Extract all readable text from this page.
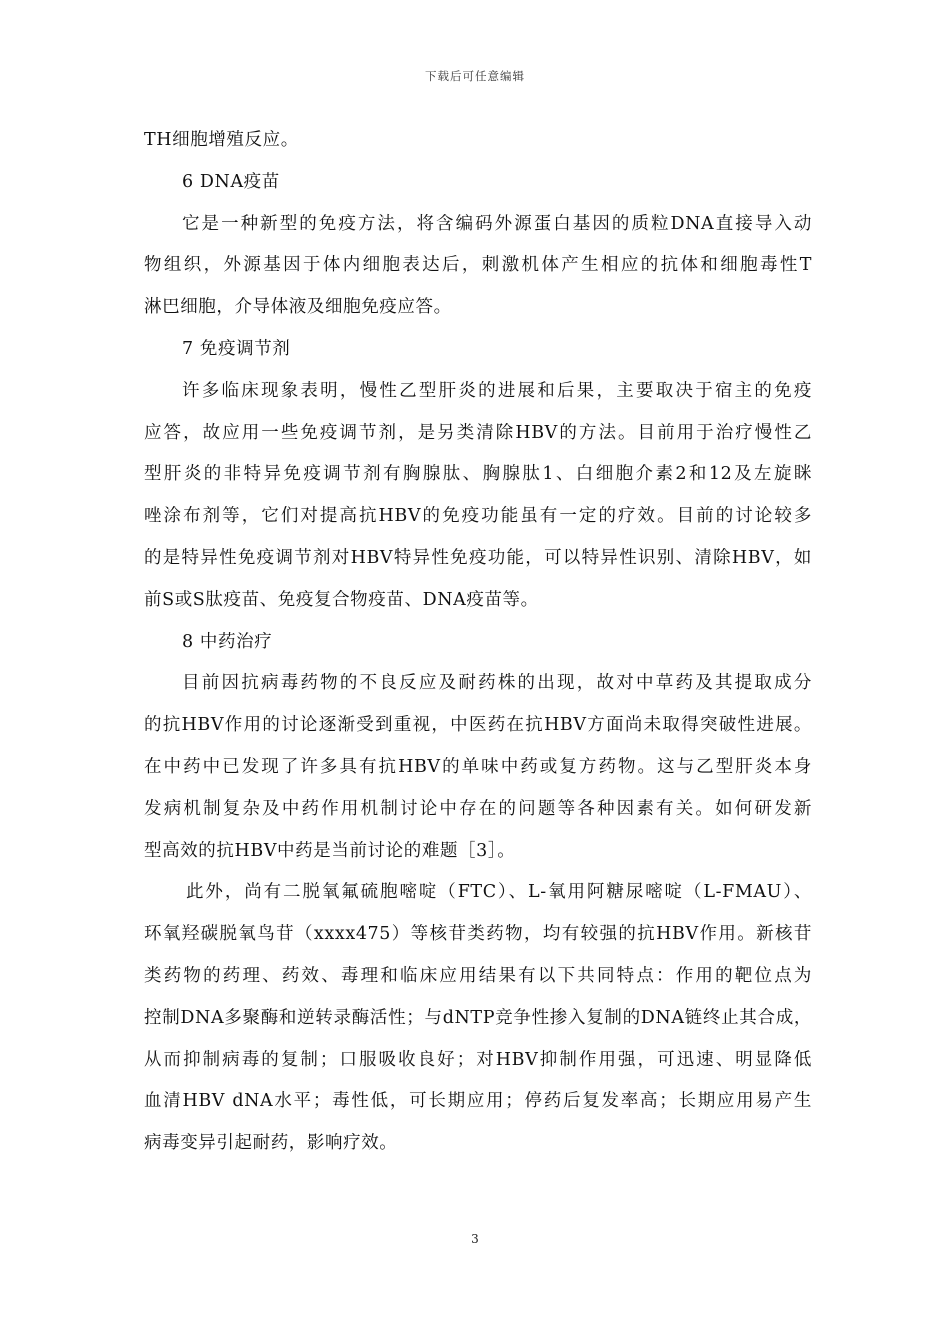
下载后可任意编辑
TH细胞增殖反应。
6 DNA疫苗
它是一种新型的免疫方法，将含编码外源蛋白基因的质粒DNA直接导入动
物组织，外源基因于体内细胞表达后，刺激机体产生相应的抗体和细胞毒性T
淋巴细胞，介导体液及细胞免疫应答。
7 免疫调节剂
许多临床现象表明，慢性乙型肝炎的进展和后果，主要取决于宿主的免疫
应答，故应用一些免疫调节剂，是另类清除HBV的方法。目前用于治疗慢性乙
型肝炎的非特异免疫调节剂有胸腺肽、胸腺肽1、白细胞介素2和12及左旋眯
唑涂布剂等，它们对提高抗HBV的免疫功能虽有一定的疗效。目前的讨论较多
的是特异性免疫调节剂对HBV特异性免疫功能，可以特异性识别、清除HBV，如
前S或S肽疫苗、免疫复合物疫苗、DNA疫苗等。
8 中药治疗
目前因抗病毒药物的不良反应及耐药株的出现，故对中草药及其提取成分
的抗HBV作用的讨论逐渐受到重视，中医药在抗HBV方面尚未取得突破性进展。
在中药中已发现了许多具有抗HBV的单味中药或复方药物。这与乙型肝炎本身
发病机制复杂及中药作用机制讨论中存在的问题等各种因素有关。如何研发新
型高效的抗HBV中药是当前讨论的难题［3］。
此外，尚有二脱氧氟硫胞嘧啶（FTC）、L-氧用阿糖尿嘧啶（L-FMAU）、
环氧羟碳脱氧鸟苷（xxxx475）等核苷类药物，均有较强的抗HBV作用。新核苷
类药物的药理、药效、毒理和临床应用结果有以下共同特点：作用的靶位点为
控制DNA多聚酶和逆转录酶活性；与dNTP竞争性掺入复制的DNA链终止其合成，
从而抑制病毒的复制；口服吸收良好；对HBV抑制作用强，可迅速、明显降低
血清HBV dNA水平；毒性低，可长期应用；停药后复发率高；长期应用易产生
病毒变异引起耐药，影响疗效。
3
